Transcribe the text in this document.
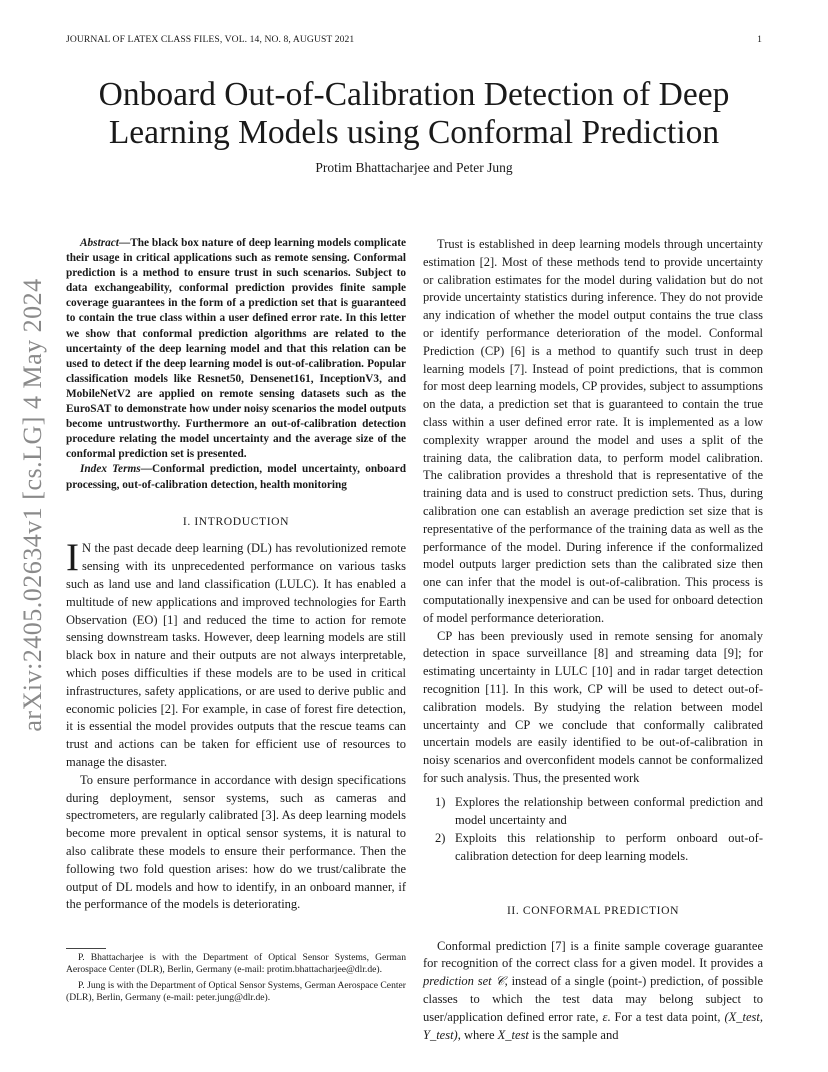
JOURNAL OF LATEX CLASS FILES, VOL. 14, NO. 8, AUGUST 2021	1
arXiv:2405.02634v1 [cs.LG] 4 May 2024
Onboard Out-of-Calibration Detection of Deep Learning Models using Conformal Prediction
Protim Bhattacharjee and Peter Jung

Abstract—The black box nature of deep learning models complicate their usage in critical applications such as remote sensing. Conformal prediction is a method to ensure trust in such scenarios. Subject to data exchangeability, conformal prediction provides finite sample coverage guarantees in the form of a prediction set that is guaranteed to contain the true class within a user defined error rate. In this letter we show that conformal prediction algorithms are related to the uncertainty of the deep learning model and that this relation can be used to detect if the deep learning model is out-of-calibration. Popular classification models like Resnet50, Densenet161, InceptionV3, and MobileNetV2 are applied on remote sensing datasets such as the EuroSAT to demonstrate how under noisy scenarios the model outputs become untrustworthy. Furthermore an out-of-calibration detection procedure relating the model uncertainty and the average size of the conformal prediction set is presented.

Index Terms—Conformal prediction, model uncertainty, onboard processing, out-of-calibration detection, health monitoring

I. INTRODUCTION

I N the past decade deep learning (DL) has revolutionized remote sensing with its unprecedented performance on various tasks such as land use and land classification (LULC). It has enabled a multitude of new applications and improved technologies for Earth Observation (EO) [1] and reduced the time to action for remote sensing downstream tasks. However, deep learning models are still black box in nature and their outputs are not always interpretable, which poses difficulties if these models are to be used in critical infrastructures, safety applications, or are used to derive public and economic policies [2]. For example, in case of forest fire detection, it is essential the model provides outputs that the rescue teams can trust and actions can be taken for efficient use of resources to manage the disaster.

To ensure performance in accordance with design specifications during deployment, sensor systems, such as cameras and spectrometers, are regularly calibrated [3]. As deep learning models become more prevalent in optical sensor systems, it is natural to also calibrate these models to ensure their performance. Then the following two fold question arises: how do we trust/calibrate the output of DL models and how to identify, in an onboard manner, if the performance of the models is deteriorating.

P. Bhattacharjee is with the Department of Optical Sensor Systems, German Aerospace Center (DLR), Berlin, Germany (e-mail: protim.bhattacharjee@dlr.de).

P. Jung is with the Department of Optical Sensor Systems, German Aerospace Center (DLR), Berlin, Germany (e-mail: peter.jung@dlr.de).

Trust is established in deep learning models through uncertainty estimation [2]. Most of these methods tend to provide uncertainty or calibration estimates for the model during validation but do not provide uncertainty statistics during inference. They do not provide any indication of whether the model output contains the true class or identify performance deterioration of the model. Conformal Prediction (CP) [6] is a method to quantify such trust in deep learning models [7]. Instead of point predictions, that is common for most deep learning models, CP provides, subject to assumptions on the data, a prediction set that is guaranteed to contain the true class within a user defined error rate. It is implemented as a low complexity wrapper around the model and uses a split of the training data, the calibration data, to perform model calibration. The calibration provides a threshold that is representative of the training data and is used to construct prediction sets. Thus, during calibration one can establish an average prediction set size that is representative of the performance of the training data as well as the performance of the model. During inference if the conformalized model outputs larger prediction sets than the calibrated size then one can infer that the model is out-of-calibration. This process is computationally inexpensive and can be used for onboard detection of model performance deterioration.

CP has been previously used in remote sensing for anomaly detection in space surveillance [8] and streaming data [9]; for estimating uncertainty in LULC [10] and in radar target detection recognition [11]. In this work, CP will be used to detect out-of-calibration models. By studying the relation between model uncertainty and CP we conclude that conformally calibrated uncertain models are easily identified to be out-of-calibration in noisy scenarios and overconfident models cannot be conformalized for such analysis. Thus, the presented work

1) Explores the relationship between conformal prediction and model uncertainty and
2) Exploits this relationship to perform onboard out-of-calibration detection for deep learning models.
II. CONFORMAL PREDICTION

Conformal prediction [7] is a finite sample coverage guarantee for recognition of the correct class for a given model. It provides a prediction set 𝒞, instead of a single (point-) prediction, of possible classes to which the test data may belong subject to user/application defined error rate, ε. For a test data point, (X_test, Y_test), where X_test is the sample and
